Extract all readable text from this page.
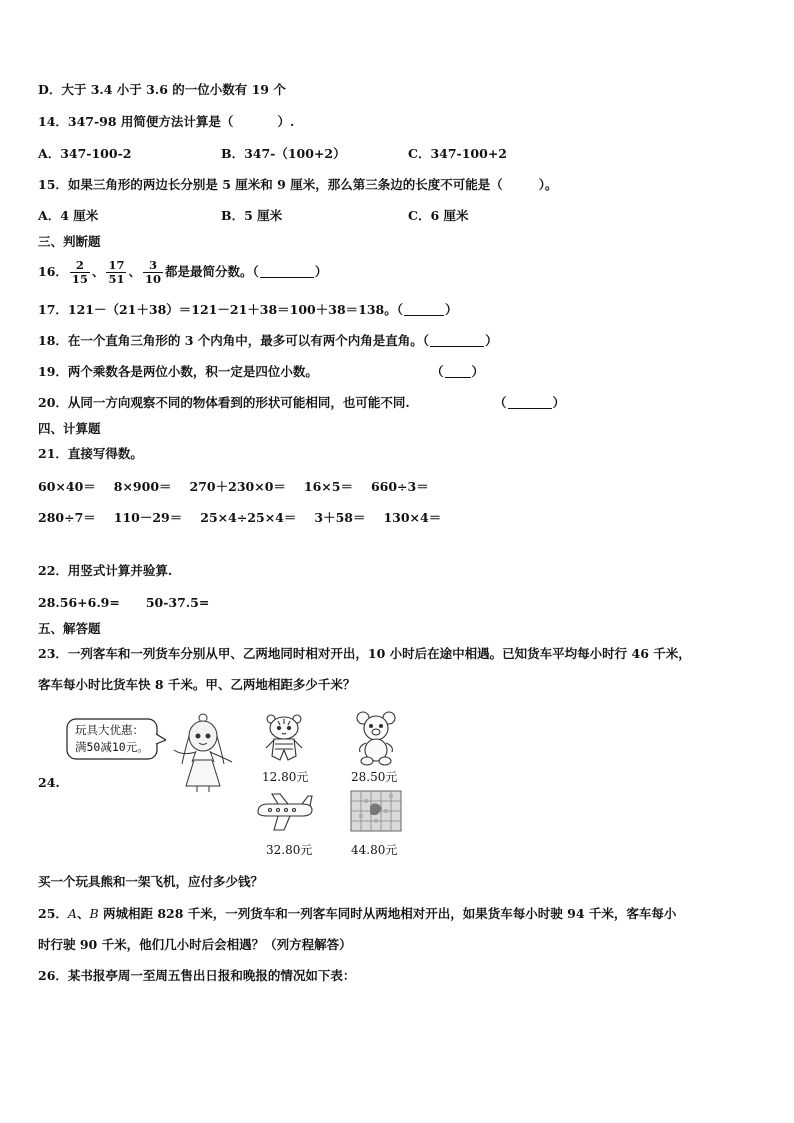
D．大于 3.4 小于 3.6 的一位小数有 19 个
14．347-98 用简便方法计算是（	）.
A．347-100-2	B．347-（100+2）	C．347-100+2
15．如果三角形的两边长分别是 5 厘米和 9 厘米，那么第三条边的长度不可能是（	）。
A．4 厘米	B．5 厘米	C．6 厘米
三、判断题
16． $\frac{2}{15}$ 、 $\frac{17}{51}$ 、 $\frac{3}{10}$ 都是最简分数。（	）
17．121－（21＋38）＝121－21＋38＝100＋38＝138。（	）
18．在一个直角三角形的 3 个内角中，最多可以有两个内角是直角。（	）
19．两个乘数各是两位小数，积一定是四位小数。	（ ）
20．从同一方向观察不同的物体看到的形状可能相同，也可能不同.	（	）
四、计算题
21．直接写得数。
60×40＝ 8×900＝ 270＋230×0＝ 16×5＝ 660÷3＝
280÷7＝ 110－29＝ 25×4÷25×4＝ 3＋58＝ 130×4＝
22．用竖式计算并验算.
28.56+6.9= 50-37.5=
五、解答题
23．一列客车和一列货车分别从甲、乙两地同时相对开出，10 小时后在途中相遇。已知货车平均每小时行 46 千米，
客车每小时比货车快 8 千米。甲、乙两地相距多少千米？
24.
玩具大优惠：
满50减10元。
12.80元	28.50元
32.80元	44.80元
买一个玩具熊和一架飞机，应付多少钱？
25．A、B 两城相距 828 千米，一列货车和一列客车同时从两地相对开出，如果货车每小时驶 94 千米，客车每小
时行驶 90 千米，他们几小时后会相遇？（列方程解答）
26．某书报亭周一至周五售出日报和晚报的情况如下表：
